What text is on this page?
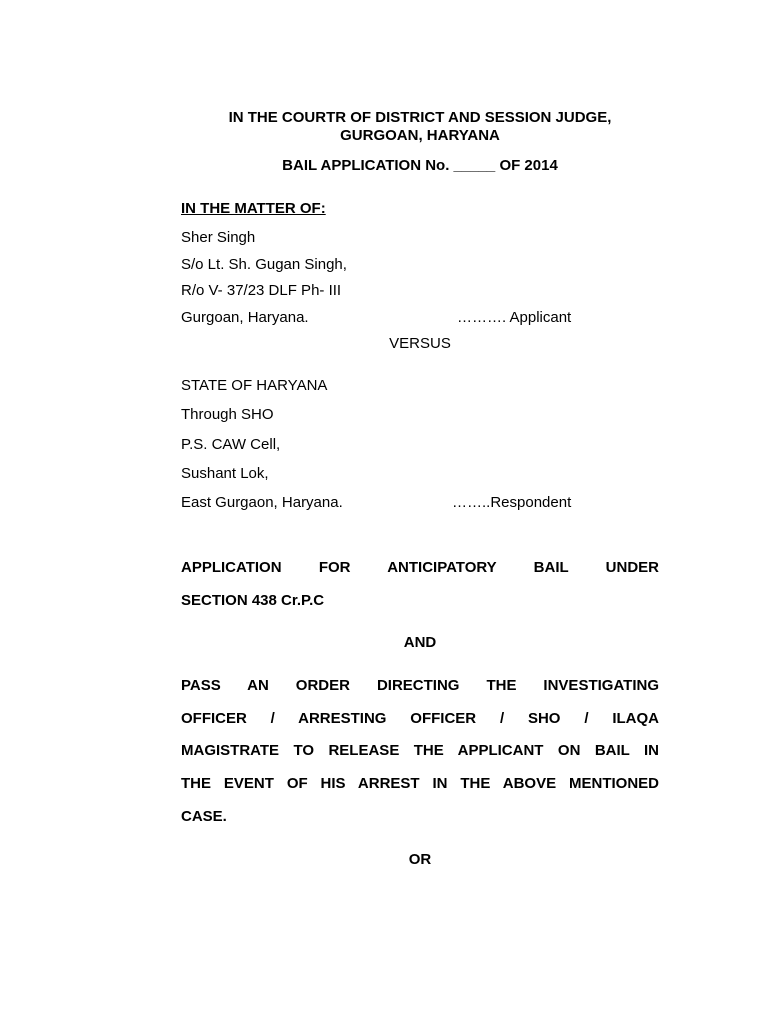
IN THE COURTR OF DISTRICT AND SESSION JUDGE,
GURGOAN, HARYANA
BAIL APPLICATION No. _____ OF 2014
IN THE MATTER OF:
Sher Singh
S/o Lt. Sh. Gugan Singh,
R/o V- 37/23 DLF Ph- III
Gurgoan, Haryana.	………. Applicant
VERSUS
STATE OF HARYANA
Through SHO
P.S. CAW Cell,
Sushant Lok,
East Gurgaon, Haryana.	……..Respondent
APPLICATION FOR ANTICIPATORY BAIL UNDER
SECTION 438 Cr.P.C
AND
PASS AN ORDER DIRECTING THE INVESTIGATING
OFFICER / ARRESTING OFFICER / SHO / ILAQA
MAGISTRATE TO RELEASE THE APPLICANT ON BAIL IN
THE EVENT OF HIS ARREST IN THE ABOVE MENTIONED
CASE.
OR
